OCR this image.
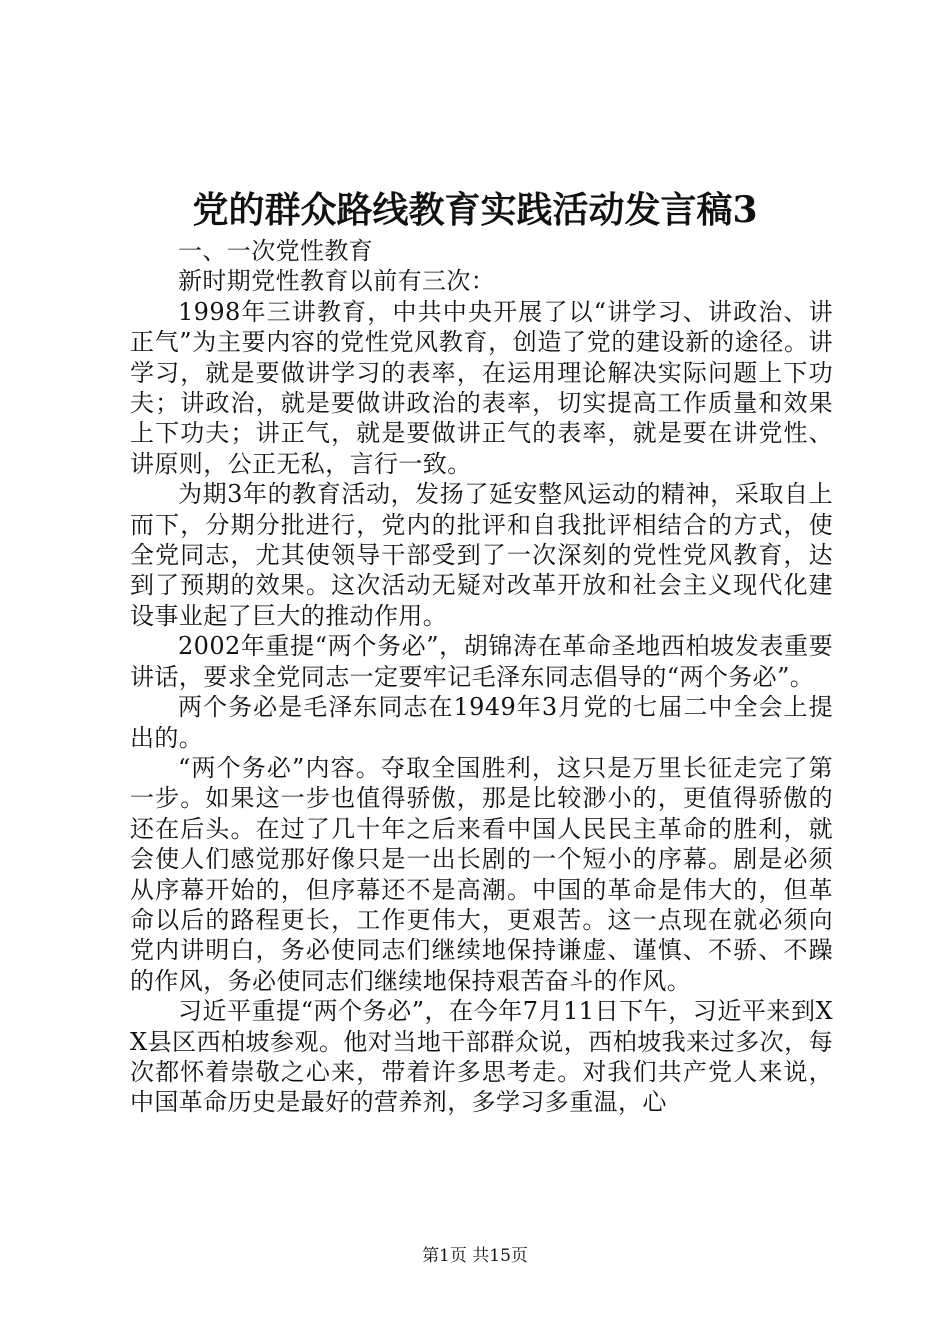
党的群众路线教育实践活动发言稿3

一、一次党性教育

新时期党性教育以前有三次：

1998年三讲教育，中共中央开展了以“讲学习、讲政治、讲正气”为主要内容的党性党风教育，创造了党的建设新的途径。讲学习，就是要做讲学习的表率，在运用理论解决实际问题上下功夫；讲政治，就是要做讲政治的表率，切实提高工作质量和效果上下功夫；讲正气，就是要做讲正气的表率，就是要在讲党性、讲原则，公正无私，言行一致。

为期3年的教育活动，发扬了延安整风运动的精神，采取自上而下，分期分批进行，党内的批评和自我批评相结合的方式，使全党同志，尤其使领导干部受到了一次深刻的党性党风教育，达到了预期的效果。这次活动无疑对改革开放和社会主义现代化建设事业起了巨大的推动作用。

2002年重提“两个务必”，胡锦涛在革命圣地西柏坡发表重要讲话，要求全党同志一定要牢记毛泽东同志倡导的“两个务必”。

两个务必是毛泽东同志在1949年3月党的七届二中全会上提出的。

“两个务必”内容。夺取全国胜利，这只是万里长征走完了第一步。如果这一步也值得骄傲，那是比较渺小的，更值得骄傲的还在后头。在过了几十年之后来看中国人民民主革命的胜利，就会使人们感觉那好像只是一出长剧的一个短小的序幕。剧是必须从序幕开始的，但序幕还不是高潮。中国的革命是伟大的，但革命以后的路程更长，工作更伟大，更艰苦。这一点现在就必须向党内讲明白，务必使同志们继续地保持谦虚、谨慎、不骄、不躁的作风，务必使同志们继续地保持艰苦奋斗的作风。

习近平重提“两个务必”，在今年7月11日下午，习近平来到XX县区西柏坡参观。他对当地干部群众说，西柏坡我来过多次，每次都怀着崇敬之心来，带着许多思考走。对我们共产党人来说，中国革命历史是最好的营养剂，多学习多重温，心

第1页 共15页
